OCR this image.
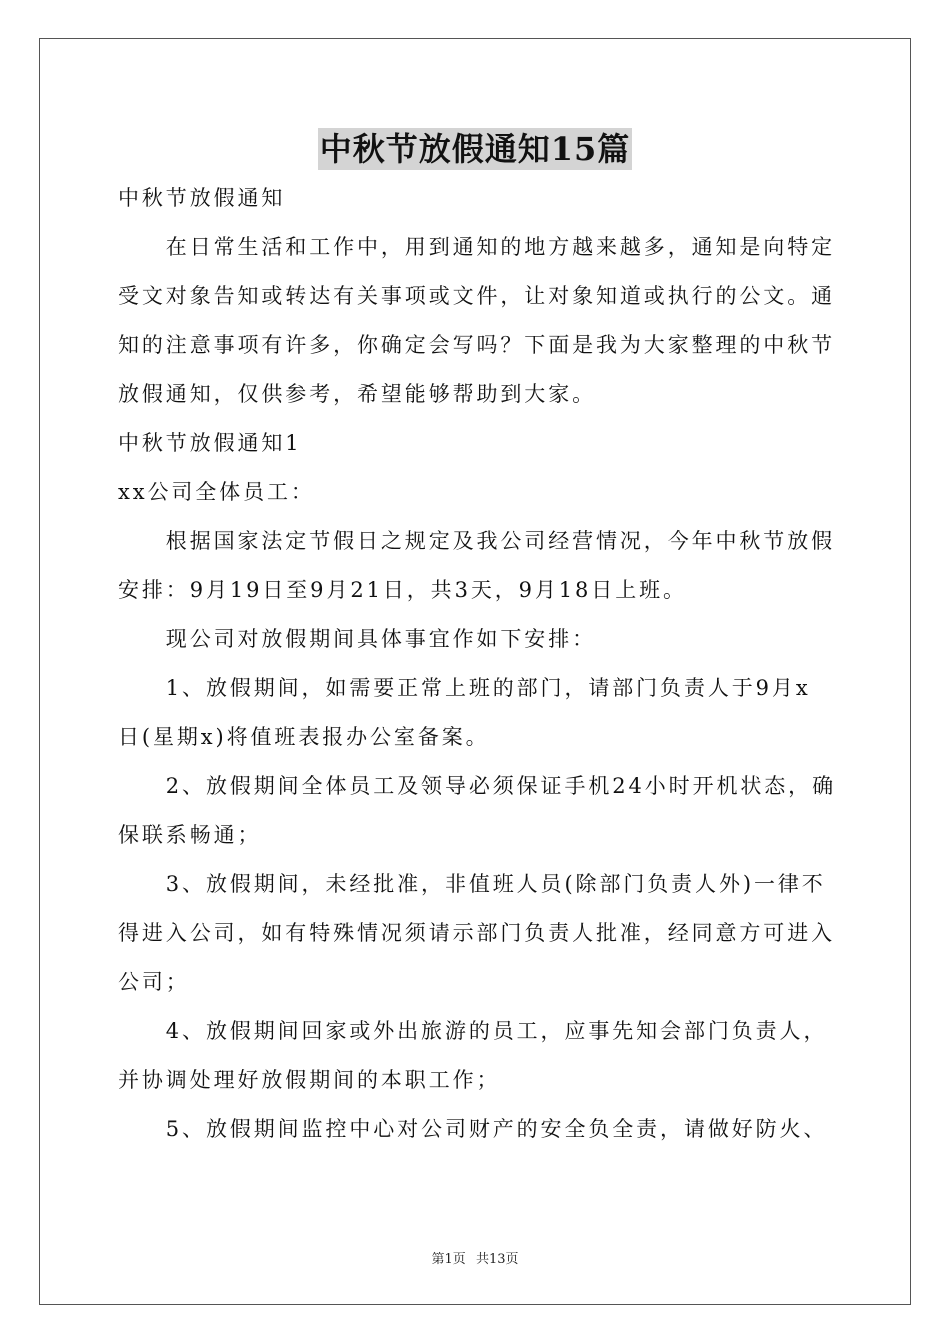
中秋节放假通知15篇

中秋节放假通知

　　在日常生活和工作中，用到通知的地方越来越多，通知是向特定

受文对象告知或转达有关事项或文件，让对象知道或执行的公文。通

知的注意事项有许多，你确定会写吗？下面是我为大家整理的中秋节

放假通知，仅供参考，希望能够帮助到大家。

中秋节放假通知1

xx公司全体员工：

　　根据国家法定节假日之规定及我公司经营情况，今年中秋节放假

安排：9月19日至9月21日，共3天，9月18日上班。

　　现公司对放假期间具体事宜作如下安排：

　　1、放假期间，如需要正常上班的部门，请部门负责人于9月x

日(星期x)将值班表报办公室备案。

　　2、放假期间全体员工及领导必须保证手机24小时开机状态，确

保联系畅通；

　　3、放假期间，未经批准，非值班人员(除部门负责人外)一律不

得进入公司，如有特殊情况须请示部门负责人批准，经同意方可进入

公司；

　　4、放假期间回家或外出旅游的员工，应事先知会部门负责人，

并协调处理好放假期间的本职工作；

　　5、放假期间监控中心对公司财产的安全负全责，请做好防火、

第1页 共13页
